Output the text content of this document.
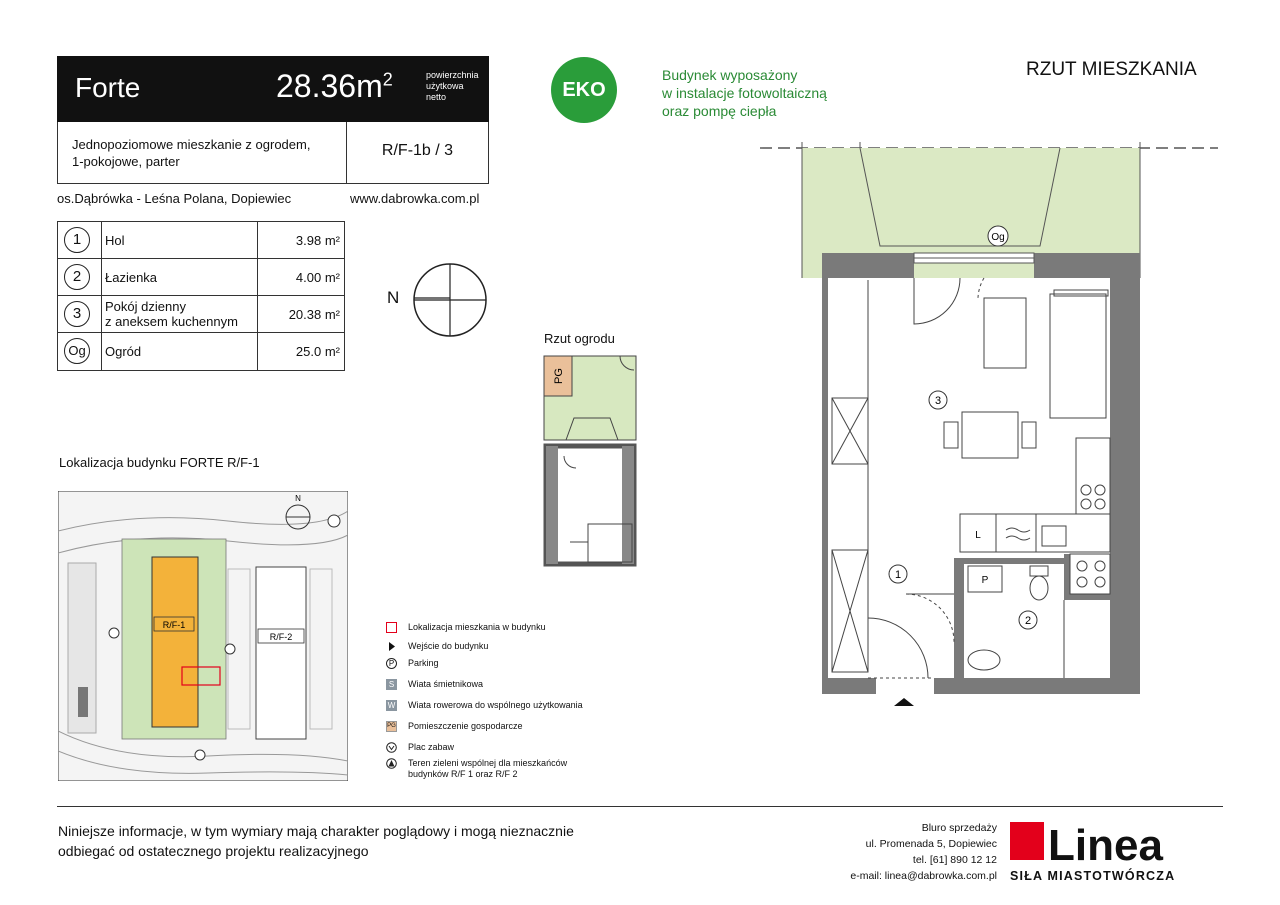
Forte	$28.36m^2$	powierzchnia
użytkowa
netto
Jednopoziomowe mieszkanie z ogrodem,
1-pokojowe, parter
R/F-1b / 3
os.Dąbrówka - Leśna Polana, Dopiewiec	www.dabrowka.com.pl
1	Hol	3.98 m²
2	Łazienka	4.00 m²
3	Pokój dzienny
z aneksem kuchennym	20.38 m²
Og	Ogród	25.0 m²
N
EKO
Budynek wyposażony
w instalacje fotowoltaiczną
oraz pompę ciepła
RZUT MIESZKANIA
Rzut ogrodu
PG
Lokalizacja budynku FORTE R/F-1
R/F-1
R/F-2
N
Lokalizacja mieszkania w budynku
Wejście do budynku
P	Parking
S	Wiata śmietnikowa
W Wiata rowerowa do wspólnego użytkowania
PG Pomieszczenie gospodarcze
Plac zabaw
Teren zieleni wspólnej dla mieszkańców
budynków R/F 1 oraz R/F 2
Og
3
L
P
1
2
Niniejsze informacje, w tym wymiary mają charakter poglądowy i mogą nieznacznie
odbiegać od ostatecznego projektu realizacyjnego
Bluro sprzedaży
ul. Promenada 5, Dopiewiec
tel. [61] 890 12 12
e-mail: linea@dabrowka.com.pl
Linea
SIŁA MIASTOTWÓRCZA
